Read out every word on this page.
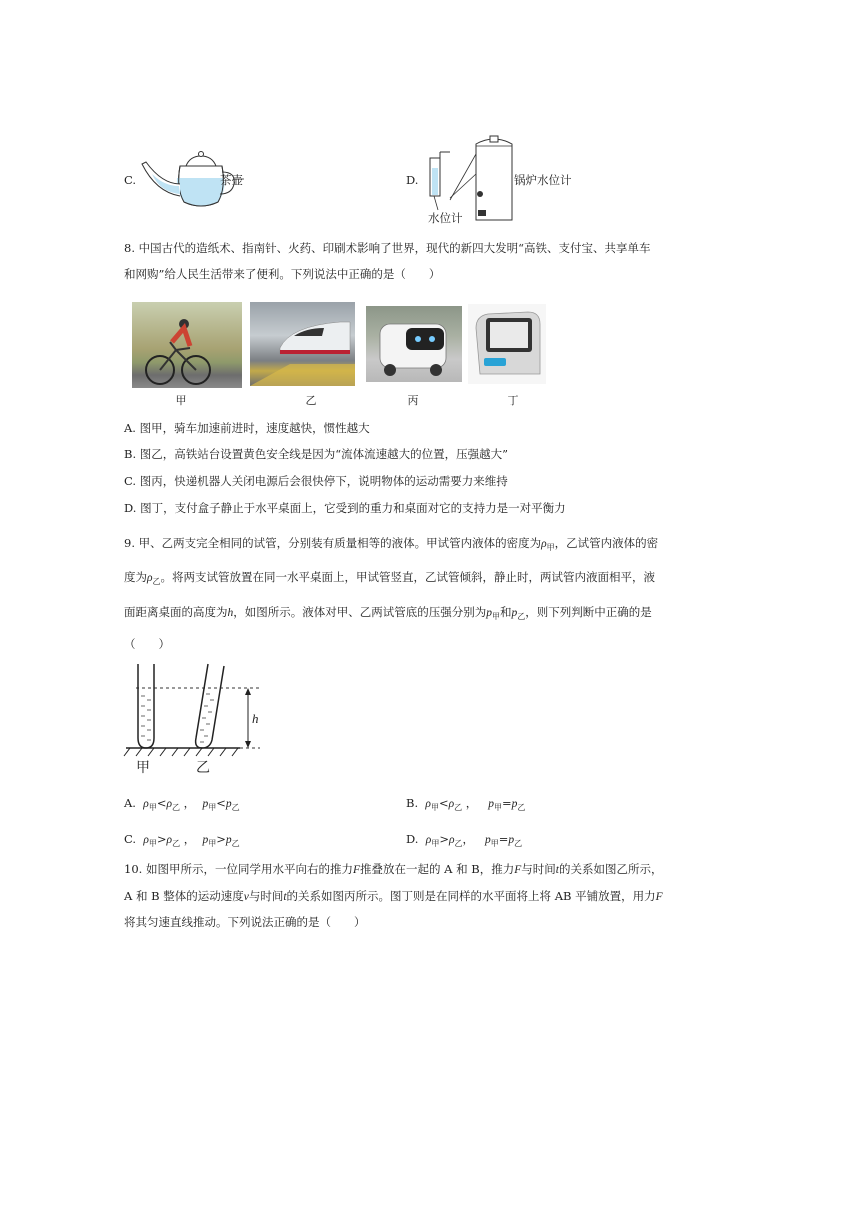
C.	茶壶	D.	锅炉水位计
水位计
8. 中国古代的造纸术、指南针、火药、印刷术影响了世界，现代的新四大发明“高铁、支付宝、共享单车
和网购”给人民生活带来了便利。下列说法中正确的是（　　）
甲	乙	丙	丁
A. 图甲，骑车加速前进时，速度越快，惯性越大
B. 图乙，高铁站台设置黄色安全线是因为“流体流速越大的位置，压强越大”
C. 图丙，快递机器人关闭电源后会很快停下，说明物体的运动需要力来维持
D. 图丁，支付盒子静止于水平桌面上，它受到的重力和桌面对它的支持力是一对平衡力
9. 甲、乙两支完全相同的试管，分别装有质量相等的液体。甲试管内液体的密度为$\rho_甲$，乙试管内液体的密
度为$\rho_乙$。将两支试管放置在同一水平桌面上，甲试管竖直，乙试管倾斜，静止时，两试管内液面相平，液
面距离桌面的高度为h，如图所示。液体对甲、乙两试管底的压强分别为$p_甲$和$p_乙$，则下列判断中正确的是
（　　）
h
甲	乙
A. $\rho_甲<\rho_乙$ ， $p_甲<p_乙$	B. $\rho_甲<\rho_乙$ ， $p_甲=p_乙$
C. $\rho_甲>\rho_乙$ ， $p_甲>p_乙$	D. $\rho_甲>\rho_乙$， $p_甲=p_乙$
10. 如图甲所示，一位同学用水平向右的推力F推叠放在一起的 A 和 B，推力F与时间t的关系如图乙所示，
A 和 B 整体的运动速度v与时间t的关系如图丙所示。图丁则是在同样的水平面将上将 AB 平铺放置，用力F
将其匀速直线推动。下列说法正确的是（　　）
